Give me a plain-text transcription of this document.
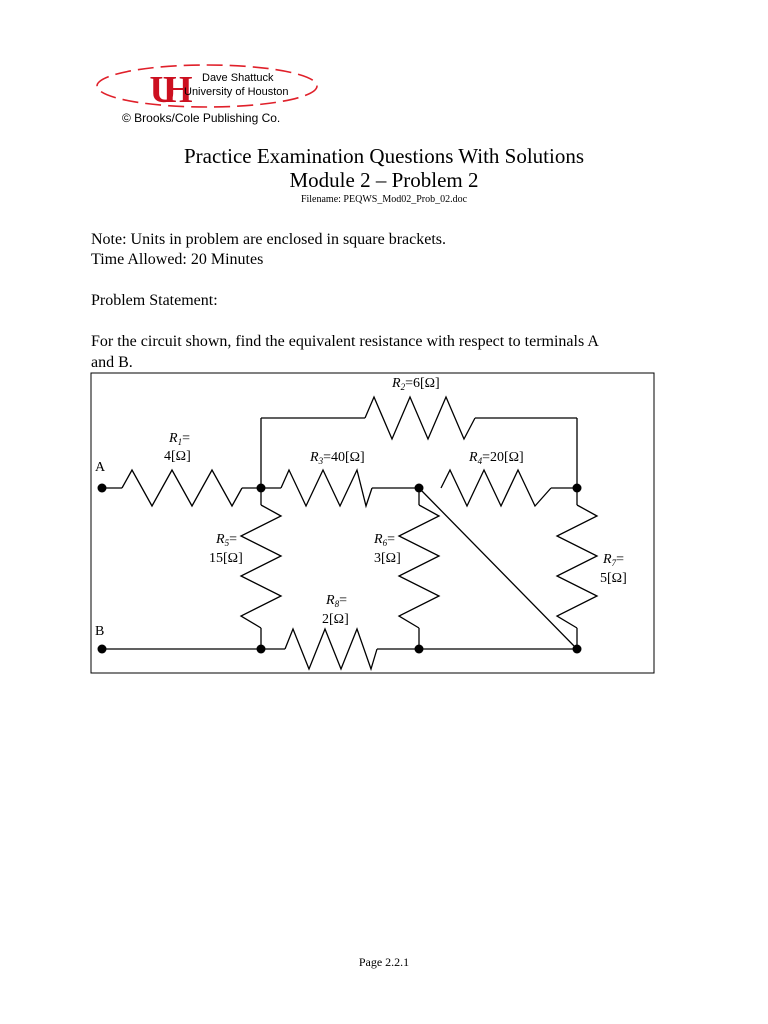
UH	Dave Shattuck
University of Houston
© Brooks/Cole Publishing Co.
Practice Examination Questions With Solutions
Module 2 – Problem 2
Filename: PEQWS_Mod02_Prob_02.doc
Note: Units in problem are enclosed in square brackets.
Time Allowed: 20 Minutes
Problem Statement:
For the circuit shown, find the equivalent resistance with respect to terminals A
and B.
A
B
$R_1=$
4[Ω]
$R_2=6[\Omega]$
$R_3=40[\Omega]$	$R_4=20[\Omega]$
$R_5=$
15[Ω]
$R_6=$
3[Ω]	$R_7=$
5[Ω]
$R_8=$
2[Ω]
Page 2.2.1
